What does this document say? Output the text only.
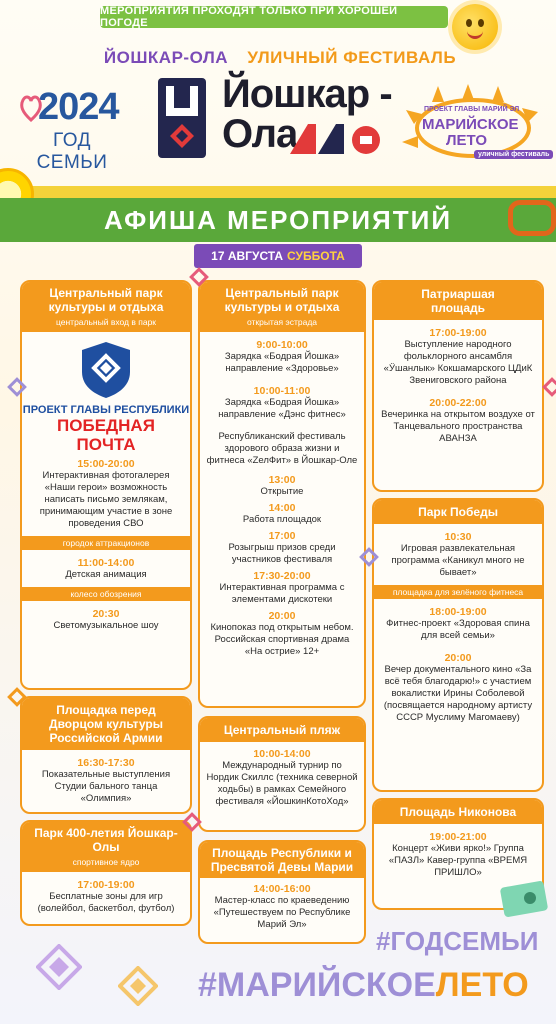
МЕРОПРИЯТИЯ ПРОХОДЯТ ТОЛЬКО ПРИ ХОРОШЕЙ ПОГОДЕ
ЙОШКАР-ОЛА УЛИЧНЫЙ ФЕСТИВАЛЬ
2024
ГОД СЕМЬИ
Йошкар -
Ола
ПРОЕКТ ГЛАВЫ МАРИЙ ЭЛ
МАРИЙСКОЕ
ЛЕТО
уличный фестиваль
АФИША МЕРОПРИЯТИЙ
17 АВГУСТА СУББОТА
Центральный парк культуры и отдыха
центральный вход в парк
ПРОЕКТ ГЛАВЫ РЕСПУБЛИКИ
ПОБЕДНАЯ
ПОЧТА
15:00-20:00
Интерактивная фотогалерея «Наши герои» возможность написать письмо землякам, принимающим участие в зоне проведения СВО
городок аттракционов
11:00-14:00
Детская анимация
колесо обозрения
20:30
Светомузыкальное шоу
Площадка перед Дворцом культуры Российской Армии
16:30-17:30
Показательные выступления Студии бального танца «Олимпия»
Парк 400-летия Йошкар-Олы
спортивное ядро
17:00-19:00
Бесплатные зоны для игр (волейбол, баскетбол, футбол)
Центральный парк культуры и отдыха
открытая эстрада
9:00-10:00
Зарядка «Бодрая Йошка» направление «Здоровье»
10:00-11:00
Зарядка «Бодрая Йошка» направление «Дэнс фитнес»
Республиканский фестиваль здорового образа жизни и фитнеса «ZелФит» в Йошкар-Оле
13:00
Открытие
14:00
Работа площадок
17:00
Розыгрыш призов среди участников фестиваля
17:30-20:00
Интерактивная программа с элементами дискотеки
20:00
Кинопоказ под открытым небом. Российская спортивная драма «На острие» 12+
Центральный пляж
10:00-14:00
Международный турнир по Нордик Скиллс (техника северной ходьбы) в рамках Семейного фестиваля «ЙошкинКотоХод»
Площадь Республики и Пресвятой Девы Марии
14:00-16:00
Мастер-класс по краеведению «Путешествуем по Республике Марий Эл»
Патриаршая площадь
17:00-19:00
Выступление народного фольклорного ансамбля «Ӱшанлык» Кокшамарского ЦДиК Звениговского района
20:00-22:00
Вечеринка на открытом воздухе от Танцевального пространства АВАНЗА
Парк Победы
10:30
Игровая развлекательная программа «Каникул много не бывает»
площадка для зелёного фитнеса
18:00-19:00
Фитнес-проект «Здоровая спина для всей семьи»
20:00
Вечер документального кино «За всё тебя благодарю!» с участием вокалистки Ирины Соболевой (посвящается народному артисту СССР Муслиму Магомаеву)
Площадь Никонова
19:00-21:00
Концерт «Живи ярко!» Группа «ПАЗЛ» Кавер-группа «ВРЕМЯ ПРИШЛО»
#ГОДСЕМЬИ
#МАРИЙСКОЕЛЕТО
